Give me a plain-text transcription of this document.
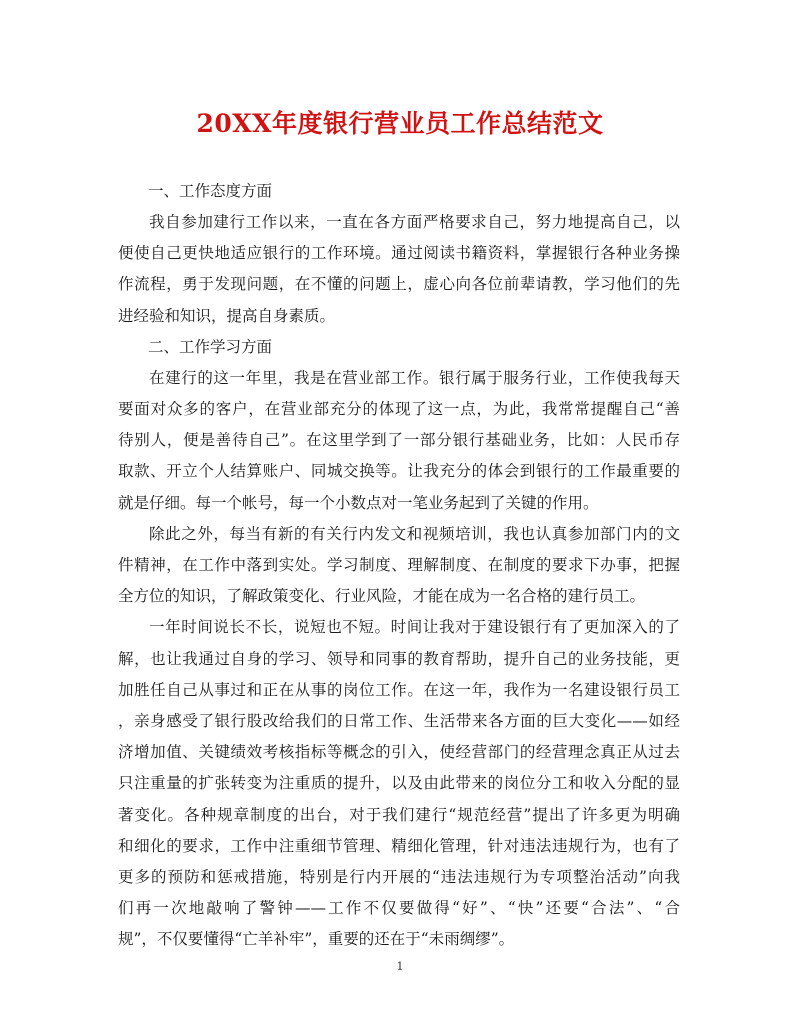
20XX年度银行营业员工作总结范文
一、工作态度方面
我自参加建行工作以来，一直在各方面严格要求自己，努力地提高自己，以
便使自己更快地适应银行的工作环境。通过阅读书籍资料，掌握银行各种业务操
作流程，勇于发现问题，在不懂的问题上，虚心向各位前辈请教，学习他们的先
进经验和知识，提高自身素质。
二、工作学习方面
在建行的这一年里，我是在营业部工作。银行属于服务行业，工作使我每天
要面对众多的客户，在营业部充分的体现了这一点，为此，我常常提醒自己“善
待别人，便是善待自己”。在这里学到了一部分银行基础业务，比如：人民币存
取款、开立个人结算账户、同城交换等。让我充分的体会到银行的工作最重要的
就是仔细。每一个帐号，每一个小数点对一笔业务起到了关键的作用。
除此之外，每当有新的有关行内发文和视频培训，我也认真参加部门内的文
件精神，在工作中落到实处。学习制度、理解制度、在制度的要求下办事，把握
全方位的知识，了解政策变化、行业风险，才能在成为一名合格的建行员工。
一年时间说长不长，说短也不短。时间让我对于建设银行有了更加深入的了
解，也让我通过自身的学习、领导和同事的教育帮助，提升自己的业务技能，更
加胜任自己从事过和正在从事的岗位工作。在这一年，我作为一名建设银行员工
，亲身感受了银行股改给我们的日常工作、生活带来各方面的巨大变化——如经
济增加值、关键绩效考核指标等概念的引入，使经营部门的经营理念真正从过去
只注重量的扩张转变为注重质的提升，以及由此带来的岗位分工和收入分配的显
著变化。各种规章制度的出台，对于我们建行“规范经营”提出了许多更为明确
和细化的要求，工作中注重细节管理、精细化管理，针对违法违规行为，也有了
更多的预防和惩戒措施，特别是行内开展的“违法违规行为专项整治活动”向我
们再一次地敲响了警钟——工作不仅要做得“好”、“快”还要“合法”、“合
规”，不仅要懂得“亡羊补牢”，重要的还在于“未雨绸缪”。
1
